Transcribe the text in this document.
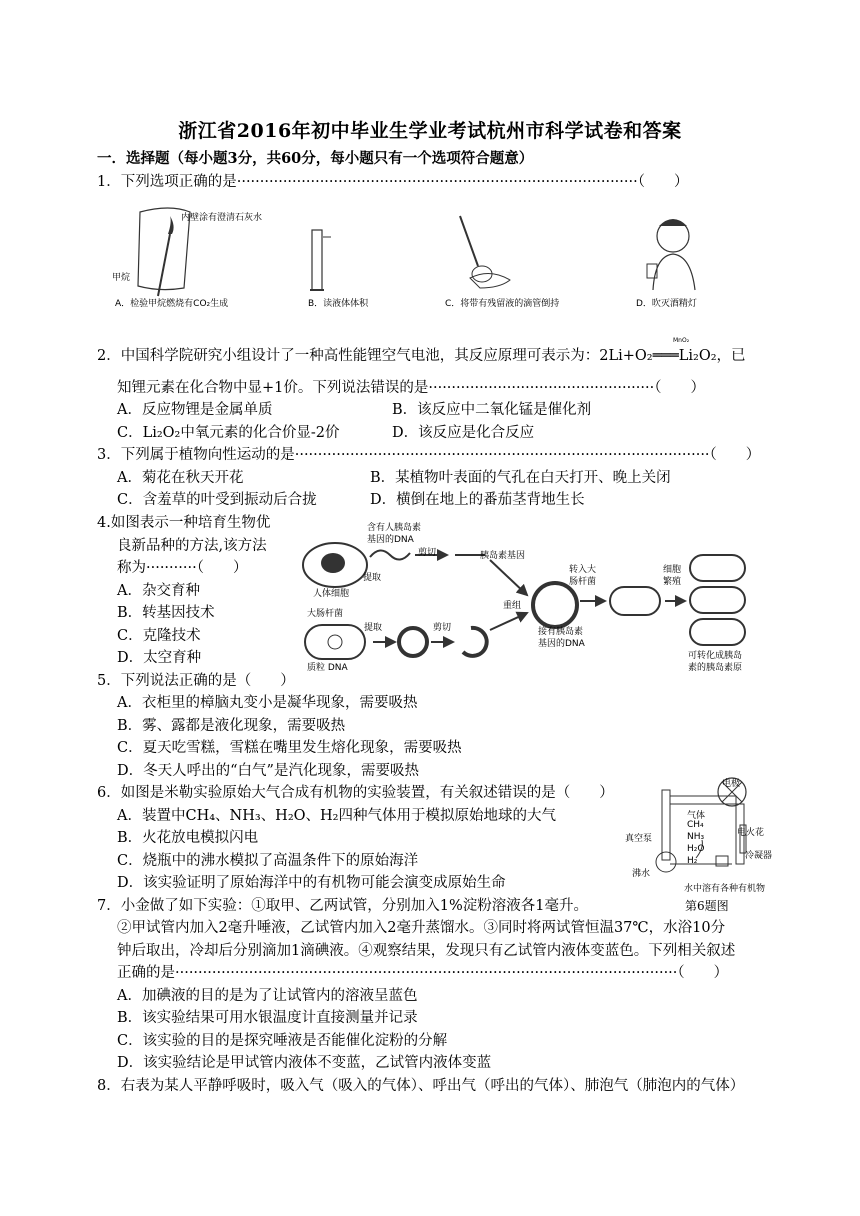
浙江省2016年初中毕业生学业考试杭州市科学试卷和答案
一．选择题（每小题3分，共60分，每小题只有一个选项符合题意）
1．下列选项正确的是·······················································································（　　）
内壁涂有澄清石灰水
甲烷
A．检验甲烷燃烧有CO₂生成	B．读液体体积	C．将带有残留液的滴管倒持	D．吹灭酒精灯
2．中国科学院研究小组设计了一种高性能锂空气电池，其反应原理可表示为：2Li+O₂═══Li₂O₂，已
MnO₂
知锂元素在化合物中显+1价。下列说法错误的是·················································（　　）
A．反应物锂是金属单质	B．该反应中二氧化锰是催化剂
C．Li₂O₂中氧元素的化合价显-2价	D．该反应是化合反应
3．下列属于植物向性运动的是··························································································（　　）
A．菊花在秋天开花	B．某植物叶表面的气孔在白天打开、晚上关闭
C．含羞草的叶受到振动后合拢	D．横倒在地上的番茄茎背地生长
4.如图表示一种培育生物优
良新品种的方法,该方法
称为···········（　　）
A．杂交育种
B．转基因技术
C．克隆技术
D．太空育种
含有人胰岛素
基因的DNA
剪切	胰岛素基因
提取
人体细胞
大肠杆菌
提取	剪切
重组
转入大
肠杆菌
细胞
繁殖
接有胰岛素
基因的DNA
质粒 DNA
可转化成胰岛
素的胰岛素原
5．下列说法正确的是（　　）
A．衣柜里的樟脑丸变小是凝华现象，需要吸热
B．雾、露都是液化现象，需要吸热
C．夏天吃雪糕，雪糕在嘴里发生熔化现象，需要吸热
D．冬天人呼出的“白气”是汽化现象，需要吸热
6．如图是米勒实验原始大气合成有机物的实验装置，有关叙述错误的是（　　）
A．装置中CH₄、NH₃、H₂O、H₂四种气体用于模拟原始地球的大气
B．火花放电模拟闪电
C．烧瓶中的沸水模拟了高温条件下的原始海洋
D．该实验证明了原始海洋中的有机物可能会演变成原始生命
电极
气体
CH₄
NH₃
H₂O
H₂
真空泵
电火花
冷凝器
沸水
水中溶有各种有机物
第6题图
7．小金做了如下实验：①取甲、乙两试管，分别加入1%淀粉溶液各1毫升。
②甲试管内加入2毫升唾液，乙试管内加入2毫升蒸馏水。③同时将两试管恒温37℃，水浴10分
钟后取出，冷却后分别滴加1滴碘液。④观察结果，发现只有乙试管内液体变蓝色。下列相关叙述
正确的是·············································································································（　　）
A．加碘液的目的是为了让试管内的溶液呈蓝色
B．该实验结果可用水银温度计直接测量并记录
C．该实验的目的是探究唾液是否能催化淀粉的分解
D．该实验结论是甲试管内液体不变蓝，乙试管内液体变蓝
8．右表为某人平静呼吸时，吸入气（吸入的气体）、呼出气（呼出的气体）、肺泡气（肺泡内的气体）
